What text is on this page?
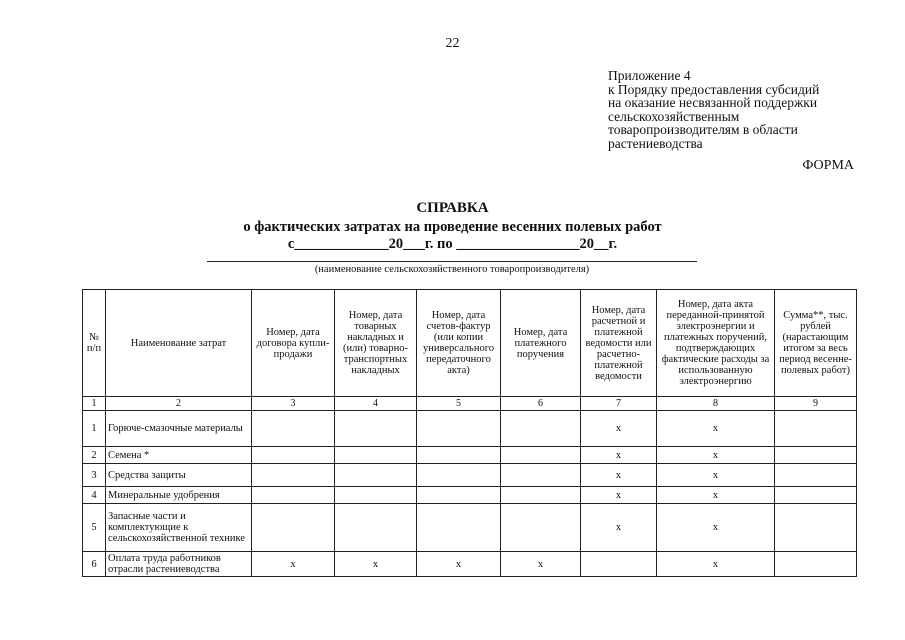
22
Приложение 4
к Порядку предоставления субсидий
на оказание несвязанной поддержки
сельскохозяйственным
товаропроизводителям в области
растениеводства
ФОРМА
СПРАВКА
о фактических затратах на проведение весенних полевых работ
с_____________20___г. по _________________20__г.
(наименование сельскохозяйственного товаропроизводителя)
№ п/п	Наименование затрат	Номер, дата договора купли-продажи	Номер, дата товарных накладных и (или) товарно-транспортных накладных	Номер, дата счетов-фактур (или копии универсального передаточного акта)	Номер, дата платежного поручения	Номер, дата расчетной и платежной ведомости или расчетно-платежной ведомости	Номер, дата акта переданной-принятой электроэнергии и платежных поручений, подтверждающих фактические расходы за использованную электроэнергию	Сумма**, тыс. рублей (нарастающим итогом за весь период весенне-полевых работ)
1	2	3	4	5	6	7	8	9
1	Горюче-смазочные материалы					x	x	
2	Семена *					x	x	
3	Средства защиты					x	x	
4	Минеральные удобрения					x	x	
5	Запасные части и комплектующие к сельскохозяйственной технике					x	x	
6	Оплата труда работников отрасли растениеводства	x	x	x	x		x	
